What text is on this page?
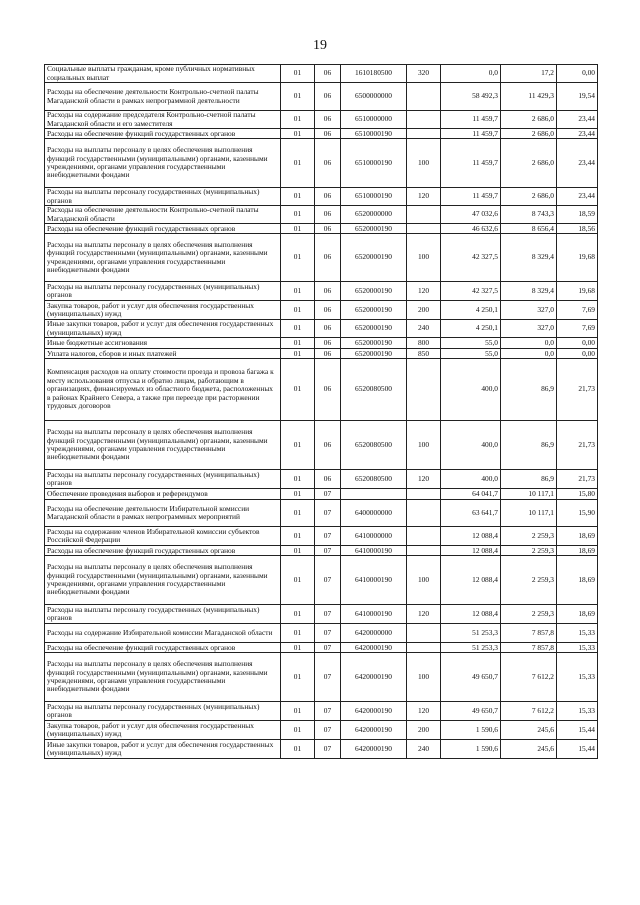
19
Социальные выплаты гражданам, кроме публичных нормативных социальных выплат	01	06	1610180500	320	0,0	17,2	0,00
Расходы на обеспечение деятельности Контрольно-счетной палаты Магаданской области в рамках непрограммной деятельности	01	06	6500000000		58 492,3	11 429,3	19,54
Расходы на содержание председателя Контрольно-счетной палаты Магаданской области и его заместителя	01	06	6510000000		11 459,7	2 686,0	23,44
Расходы на обеспечение функций государственных органов	01	06	6510000190		11 459,7	2 686,0	23,44
Расходы на выплаты персоналу в целях обеспечения выполнения функций государственными (муниципальными) органами, казенными учреждениями, органами управления государственными внебюджетными фондами	01	06	6510000190	100	11 459,7	2 686,0	23,44
Расходы на выплаты персоналу государственных (муниципальных) органов	01	06	6510000190	120	11 459,7	2 686,0	23,44
Расходы на обеспечение деятельности Контрольно-счетной палаты Магаданской области	01	06	6520000000		47 032,6	8 743,3	18,59
Расходы на обеспечение функций государственных органов	01	06	6520000190		46 632,6	8 656,4	18,56
Расходы на выплаты персоналу в целях обеспечения выполнения функций государственными (муниципальными) органами, казенными учреждениями, органами управления государственными внебюджетными фондами	01	06	6520000190	100	42 327,5	8 329,4	19,68
Расходы на выплаты персоналу государственных (муниципальных) органов	01	06	6520000190	120	42 327,5	8 329,4	19,68
Закупка товаров, работ и услуг для обеспечения государственных (муниципальных) нужд	01	06	6520000190	200	4 250,1	327,0	7,69
Иные закупки товаров, работ и услуг для обеспечения государственных (муниципальных) нужд	01	06	6520000190	240	4 250,1	327,0	7,69
Иные бюджетные ассигнования	01	06	6520000190	800	55,0	0,0	0,00
Уплата налогов, сборов и иных платежей	01	06	6520000190	850	55,0	0,0	0,00
Компенсация расходов на оплату стоимости проезда и провоза багажа к месту использования отпуска и обратно лицам, работающим в организациях, финансируемых из областного бюджета, расположенных в районах Крайнего Севера, а также при переезде при расторжении трудовых договоров	01	06	6520080500		400,0	86,9	21,73
Расходы на выплаты персоналу в целях обеспечения выполнения функций государственными (муниципальными) органами, казенными учреждениями, органами управления государственными внебюджетными фондами	01	06	6520080500	100	400,0	86,9	21,73
Расходы на выплаты персоналу государственных (муниципальных) органов	01	06	6520080500	120	400,0	86,9	21,73
Обеспечение проведения выборов и референдумов	01	07			64 041,7	10 117,1	15,80
Расходы на обеспечение деятельности Избирательной комиссии Магаданской области в рамках непрограммных мероприятий	01	07	6400000000		63 641,7	10 117,1	15,90
Расходы на содержание членов Избирательной комиссии субъектов Российской Федерации	01	07	6410000000		12 088,4	2 259,3	18,69
Расходы на обеспечение функций государственных органов	01	07	6410000190		12 088,4	2 259,3	18,69
Расходы на выплаты персоналу в целях обеспечения выполнения функций государственными (муниципальными) органами, казенными учреждениями, органами управления государственными внебюджетными фондами	01	07	6410000190	100	12 088,4	2 259,3	18,69
Расходы на выплаты персоналу государственных (муниципальных) органов	01	07	6410000190	120	12 088,4	2 259,3	18,69
Расходы на содержание Избирательной комиссии Магаданской области	01	07	6420000000		51 253,3	7 857,8	15,33
Расходы на обеспечение функций государственных органов	01	07	6420000190		51 253,3	7 857,8	15,33
Расходы на выплаты персоналу в целях обеспечения выполнения функций государственными (муниципальными) органами, казенными учреждениями, органами управления государственными внебюджетными фондами	01	07	6420000190	100	49 650,7	7 612,2	15,33
Расходы на выплаты персоналу государственных (муниципальных) органов	01	07	6420000190	120	49 650,7	7 612,2	15,33
Закупка товаров, работ и услуг для обеспечения государственных (муниципальных) нужд	01	07	6420000190	200	1 590,6	245,6	15,44
Иные закупки товаров, работ и услуг для обеспечения государственных (муниципальных) нужд	01	07	6420000190	240	1 590,6	245,6	15,44
